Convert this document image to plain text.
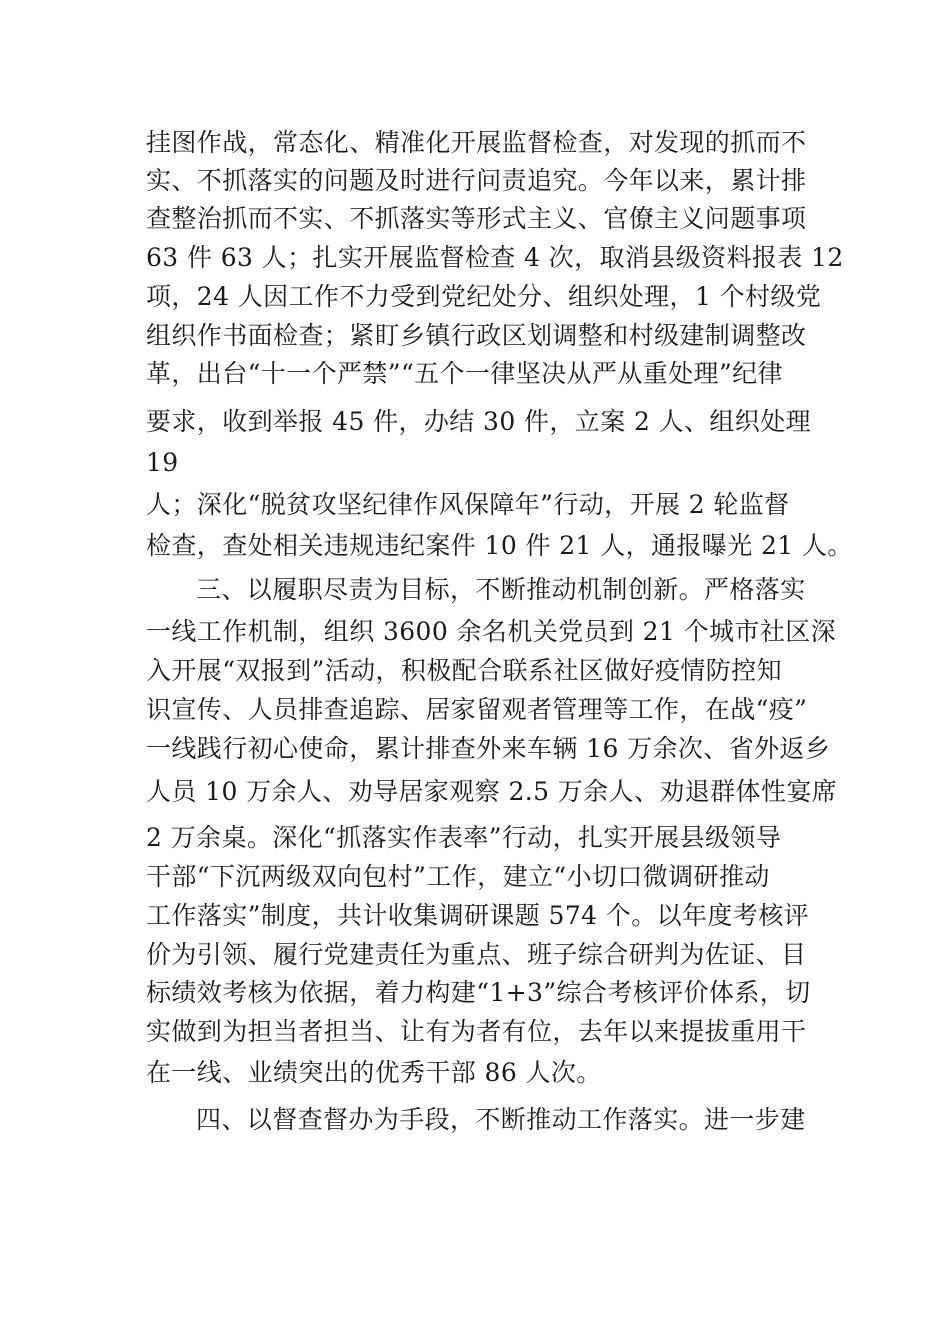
挂图作战，常态化、精准化开展监督检查，对发现的抓而不
实、不抓落实的问题及时进行问责追究。今年以来，累计排
查整治抓而不实、不抓落实等形式主义、官僚主义问题事项
63 件 63 人；扎实开展监督检查 4 次，取消县级资料报表 12
项，24 人因工作不力受到党纪处分、组织处理，1 个村级党
组织作书面检查；紧盯乡镇行政区划调整和村级建制调整改
革，出台“十一个严禁”“五个一律坚决从严从重处理”纪律
要求，收到举报 45 件，办结 30 件，立案 2 人、组织处理
19
人；深化“脱贫攻坚纪律作风保障年”行动，开展 2 轮监督
检查，查处相关违规违纪案件 10 件 21 人，通报曝光 21 人。
三、以履职尽责为目标，不断推动机制创新。严格落实
一线工作机制，组织 3600 余名机关党员到 21 个城市社区深
入开展“双报到”活动，积极配合联系社区做好疫情防控知
识宣传、人员排查追踪、居家留观者管理等工作，在战“疫”
一线践行初心使命，累计排查外来车辆 16 万余次、省外返乡
人员 10 万余人、劝导居家观察 2.5 万余人、劝退群体性宴席
2 万余桌。深化“抓落实作表率”行动，扎实开展县级领导
干部“下沉两级双向包村”工作，建立“小切口微调研推动
工作落实”制度，共计收集调研课题 574 个。以年度考核评
价为引领、履行党建责任为重点、班子综合研判为佐证、目
标绩效考核为依据，着力构建“1+3”综合考核评价体系，切
实做到为担当者担当、让有为者有位，去年以来提拔重用干
在一线、业绩突出的优秀干部 86 人次。
四、以督查督办为手段，不断推动工作落实。进一步建
